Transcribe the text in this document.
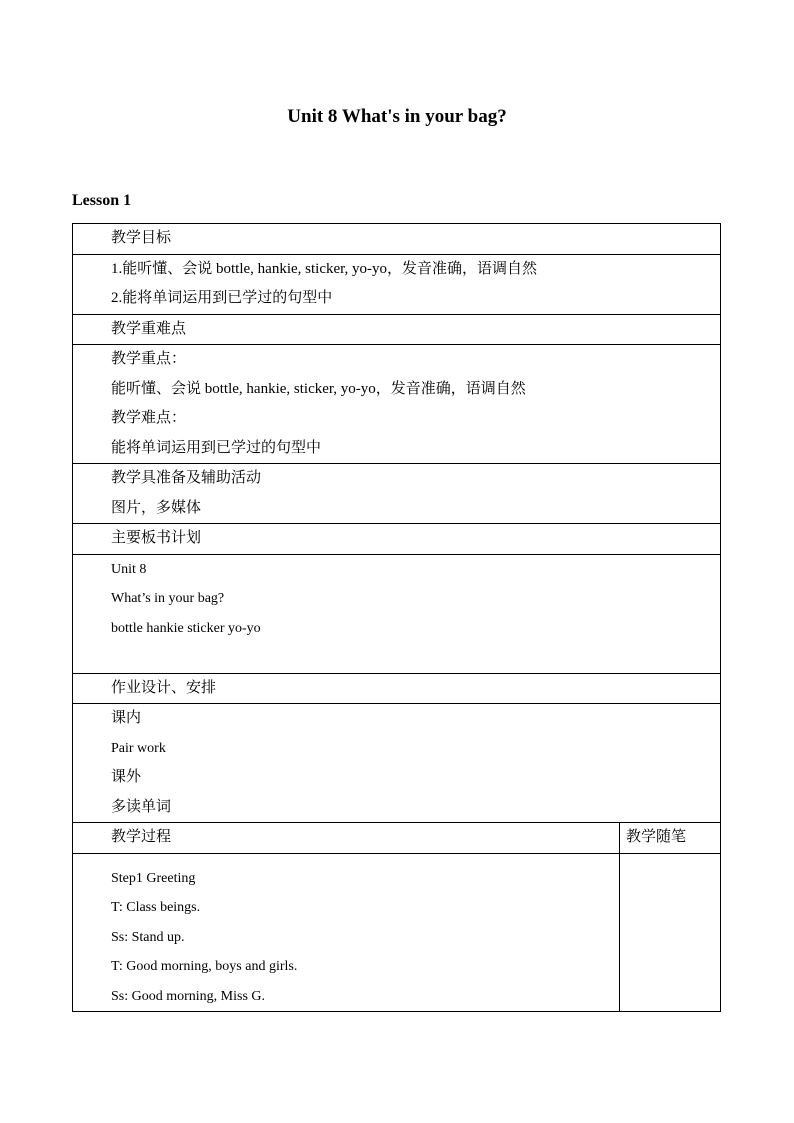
Unit 8 What's in your bag?
Lesson 1
教学目标
1.能听懂、会说 bottle, hankie, sticker, yo-yo，发音准确，语调自然
2.能将单词运用到已学过的句型中
教学重难点
教学重点：
能听懂、会说 bottle, hankie, sticker, yo-yo，发音准确，语调自然
教学难点：
能将单词运用到已学过的句型中
教学具准备及辅助活动
图片，多媒体
主要板书计划
Unit 8
What’s in your bag?
bottle hankie sticker yo-yo
作业设计、安排
课内
Pair work
课外
多读单词
教学过程	教学随笔
Step1 Greeting
T: Class beings.
Ss: Stand up.
T: Good morning, boys and girls.
Ss: Good morning, Miss G.
